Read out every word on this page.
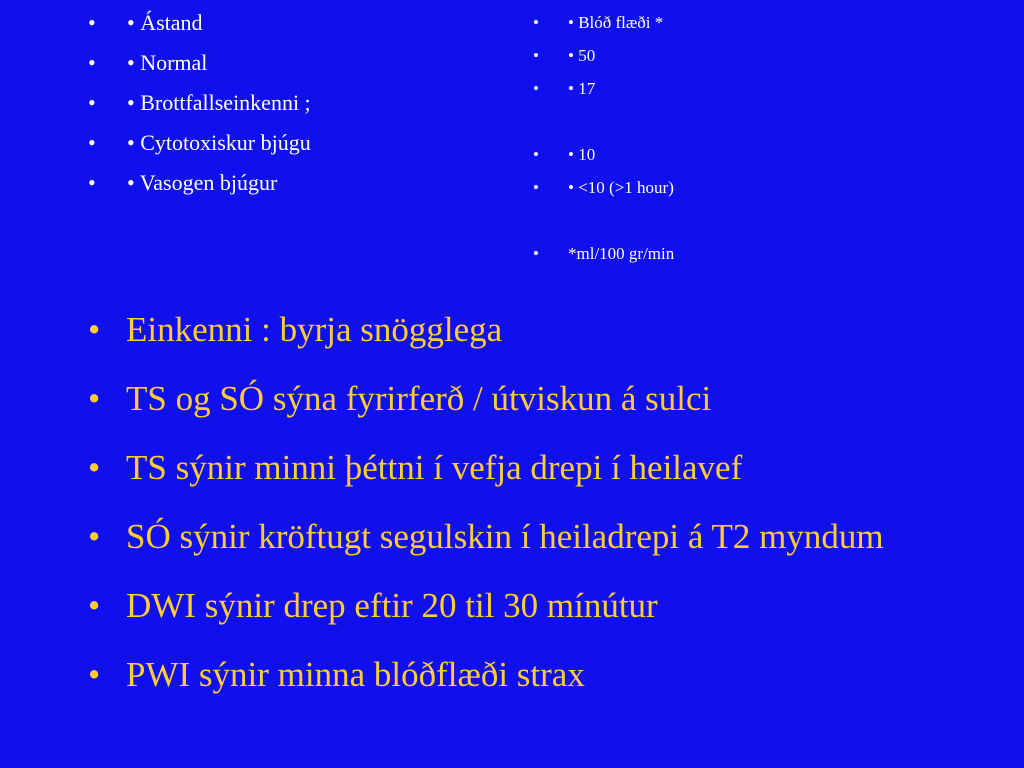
• • Ástand
• • Normal
• • Brottfallseinkenni ;
• • Cytotoxiskur bjúgu
• • Vasogen bjúgur
• • Blóð flæði *
• • 50
• • 17
• • 10
• • <10 (>1 hour)
• *ml/100 gr/min
• Einkenni : byrja snögglega
• TS og SÓ sýna fyrirferð / útviskun á sulci
• TS sýnir minni þéttni í vefja drepi í heilavef
• SÓ sýnir kröftugt segulskin í heiladrepi á T2 myndum
• DWI sýnir drep eftir 20 til 30 mínútur
• PWI sýnir minna blóðflæði strax
